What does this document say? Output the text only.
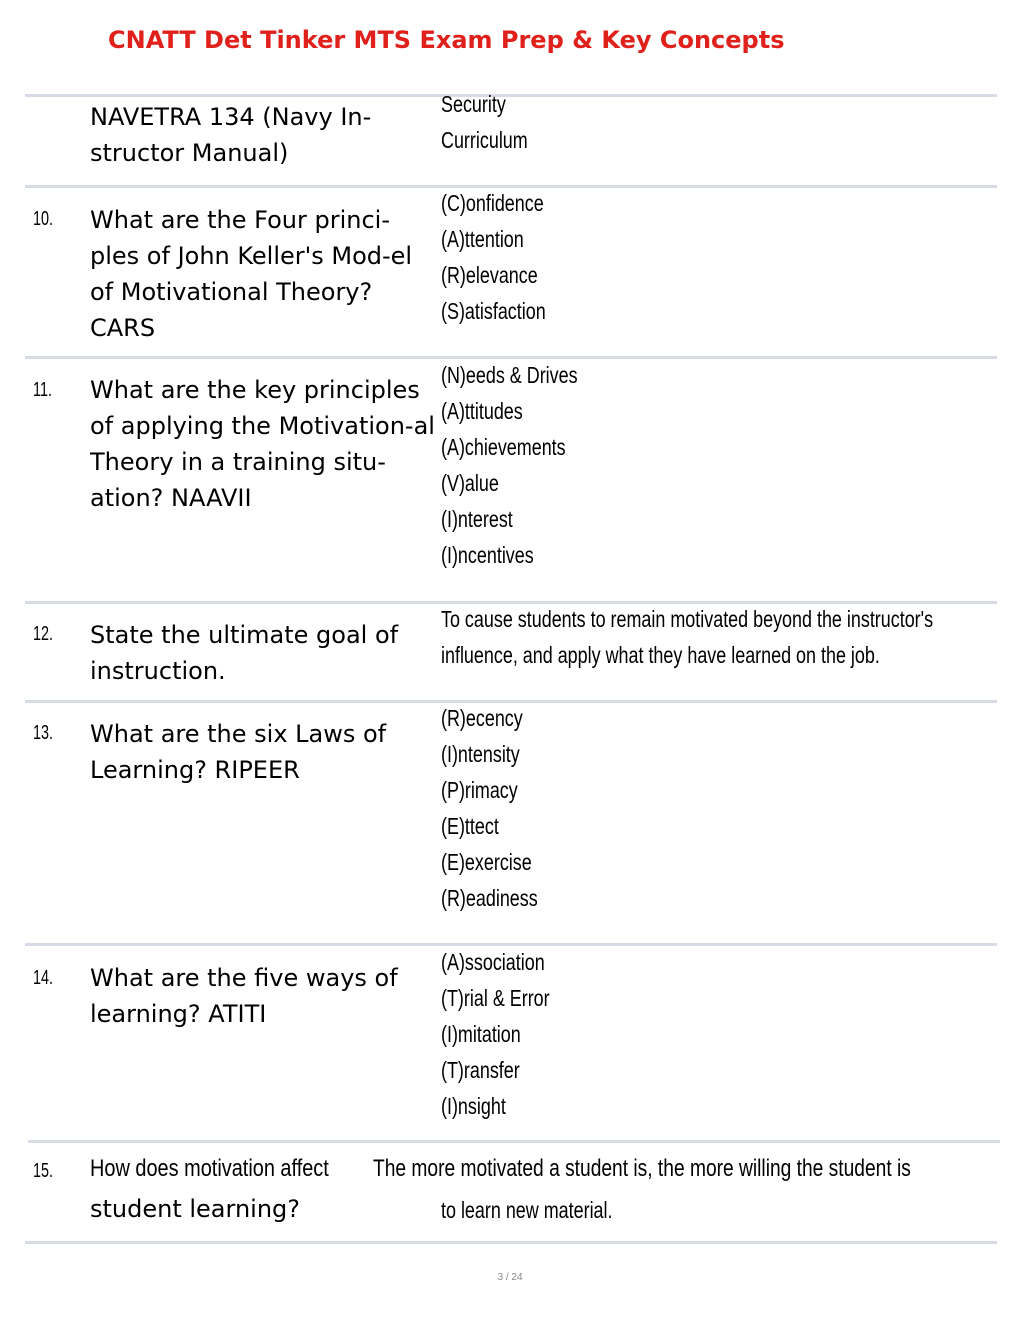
CNATT Det Tinker MTS Exam Prep & Key Concepts
NAVETRA 134 (Navy In-structor Manual)
Security
Curriculum
10. What are the Four princi-ples of John Keller's Mod-el of Motivational Theory? CARS
(C)onfidence
(A)ttention
(R)elevance
(S)atisfaction
11. What are the key principles of applying the Motivation-al Theory in a training situ-ation? NAAVII
(N)eeds & Drives
(A)ttitudes
(A)chievements
(V)alue
(I)nterest
(I)ncentives
12. State the ultimate goal of instruction.
To cause students to remain motivated beyond the instructor's
influence, and apply what they have learned on the job.
13. What are the six Laws of Learning? RIPEER
(R)ecency
(I)ntensity
(P)rimacy
(E)ttect
(E)exercise
(R)eadiness
14. What are the five ways of learning? ATITI
(A)ssociation
(T)rial & Error
(I)mitation
(T)ransfer
(I)nsight
15. How does motivation affect The more motivated a student is, the more willing the student is
student learning?	to learn new material.
3 / 24
